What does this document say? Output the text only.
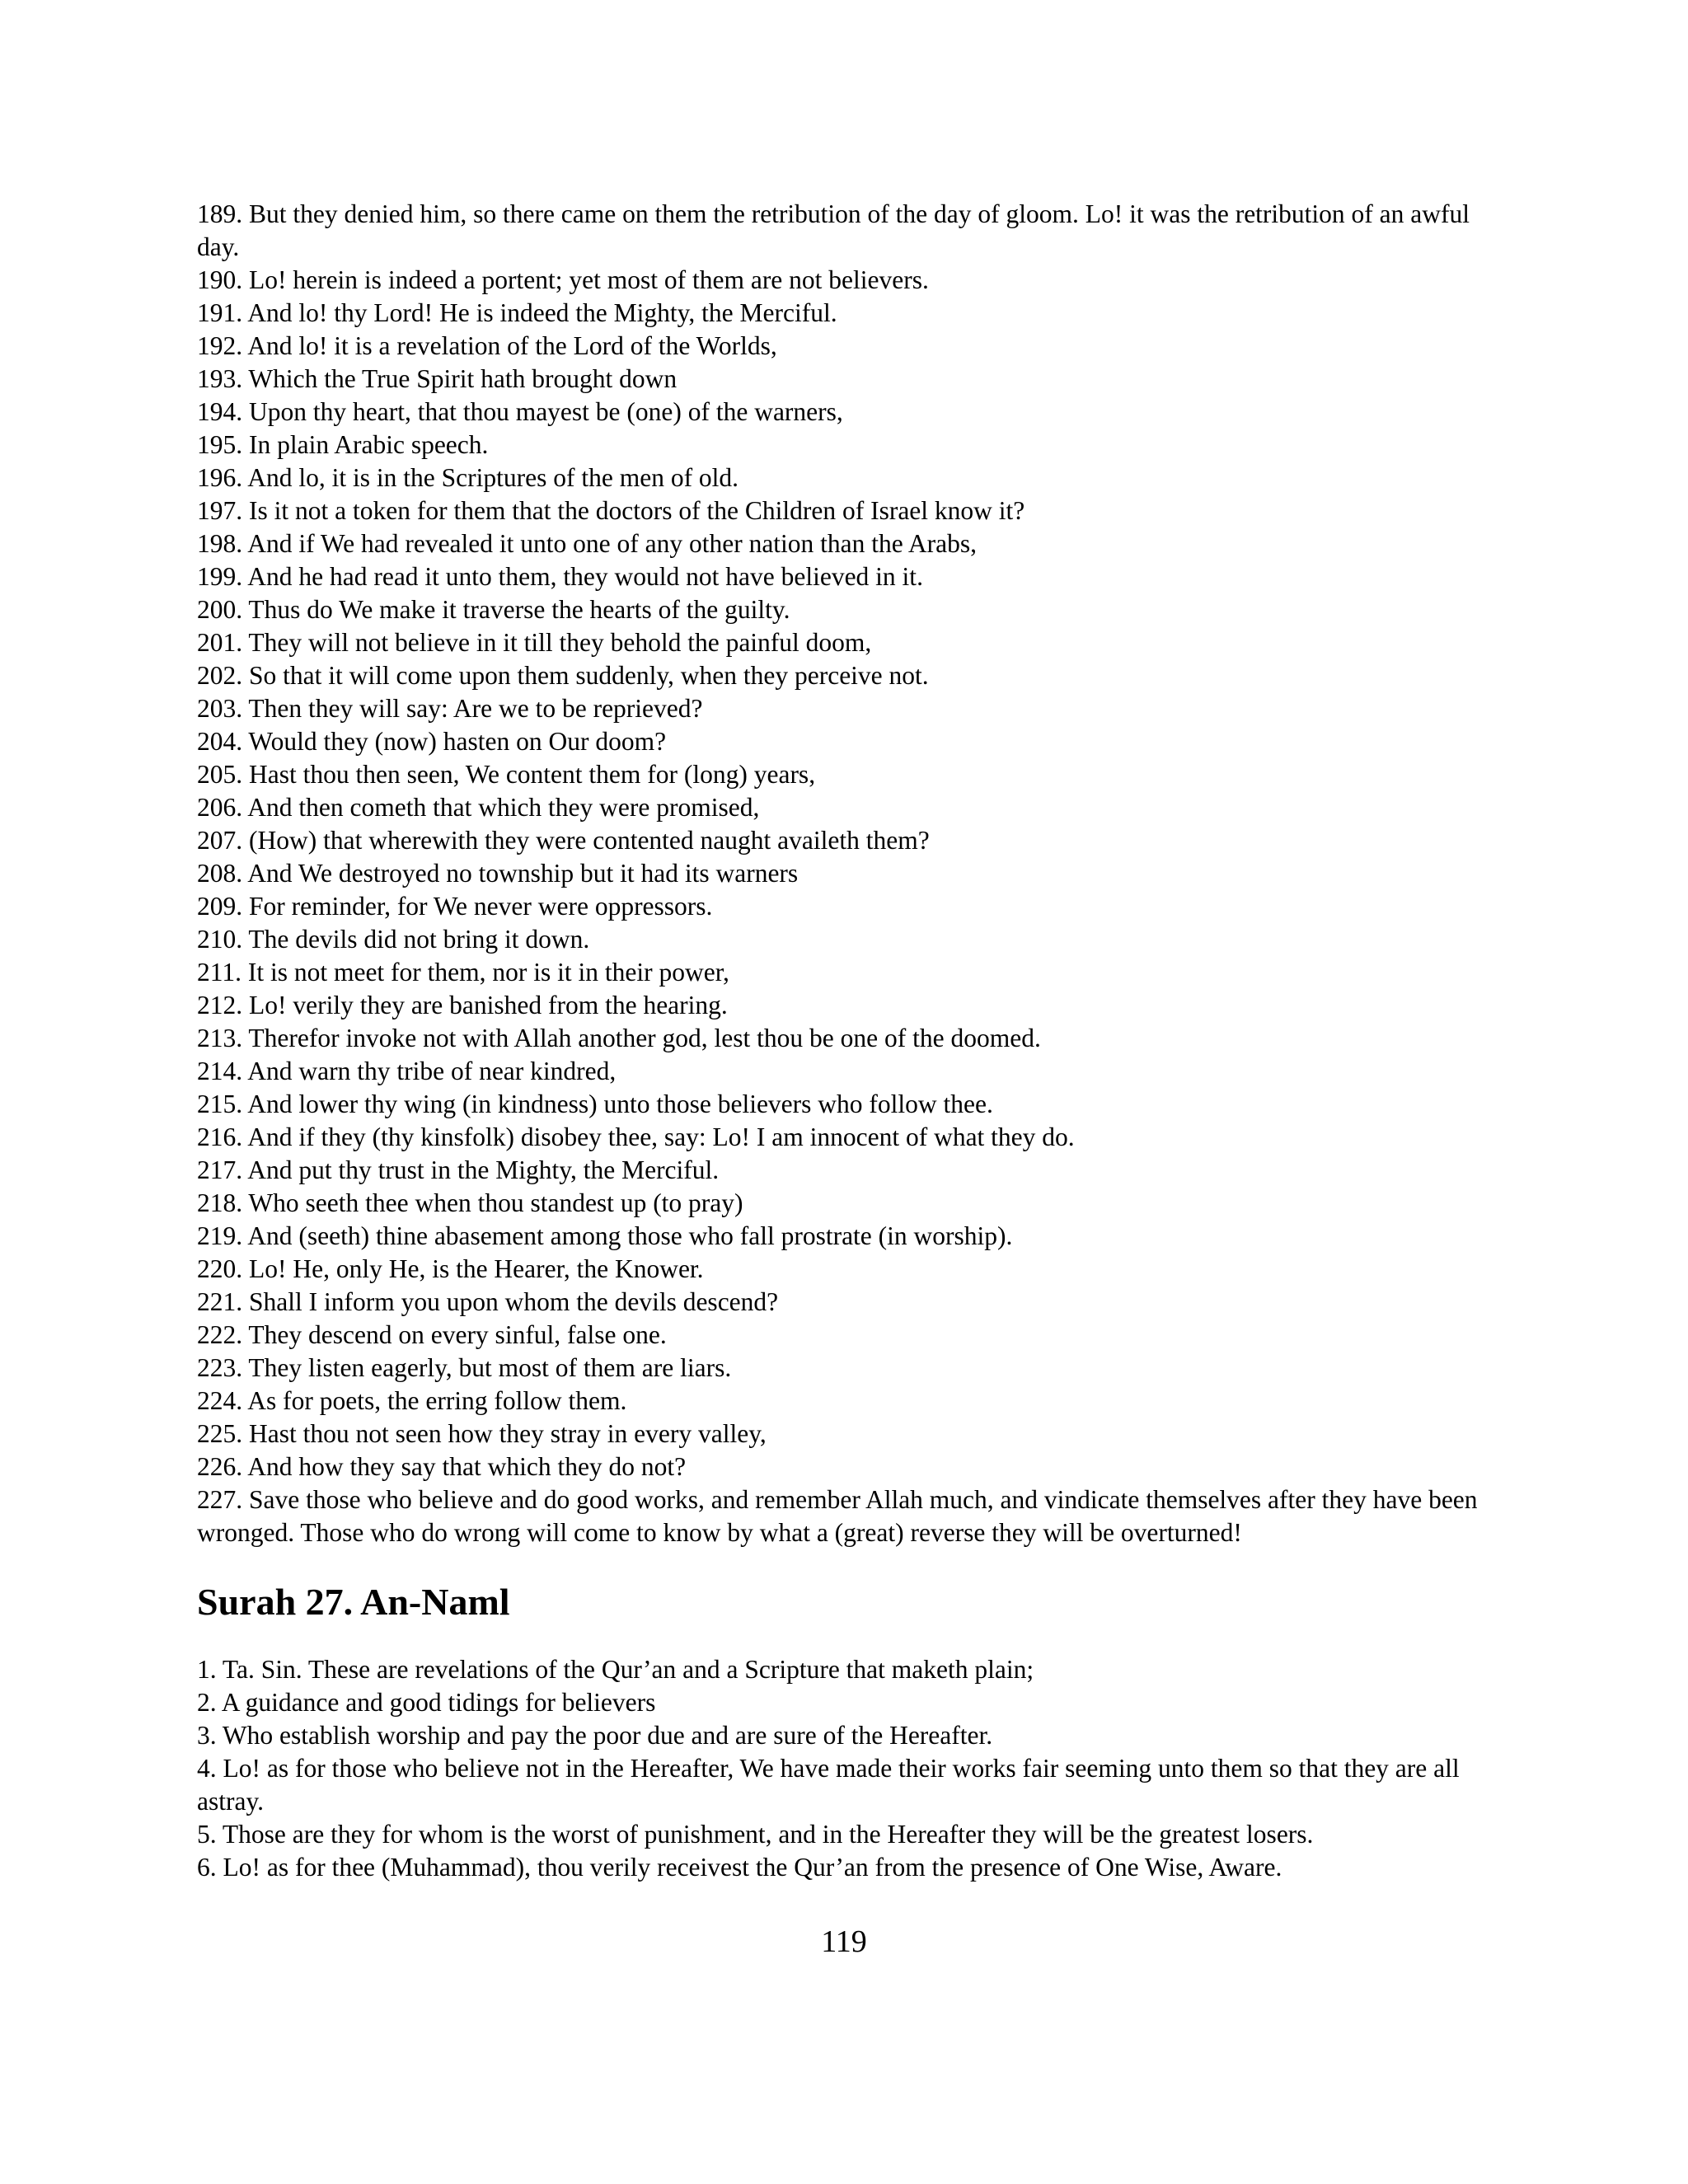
189. But they denied him, so there came on them the retribution of the day of gloom. Lo! it was the retribution of an awful day.

190. Lo! herein is indeed a portent; yet most of them are not believers.

191. And lo! thy Lord! He is indeed the Mighty, the Merciful.

192. And lo! it is a revelation of the Lord of the Worlds,

193. Which the True Spirit hath brought down

194. Upon thy heart, that thou mayest be (one) of the warners,

195. In plain Arabic speech.

196. And lo, it is in the Scriptures of the men of old.

197. Is it not a token for them that the doctors of the Children of Israel know it?

198. And if We had revealed it unto one of any other nation than the Arabs,

199. And he had read it unto them, they would not have believed in it.

200. Thus do We make it traverse the hearts of the guilty.

201. They will not believe in it till they behold the painful doom,

202. So that it will come upon them suddenly, when they perceive not.

203. Then they will say: Are we to be reprieved?

204. Would they (now) hasten on Our doom?

205. Hast thou then seen, We content them for (long) years,

206. And then cometh that which they were promised,

207. (How) that wherewith they were contented naught availeth them?

208. And We destroyed no township but it had its warners

209. For reminder, for We never were oppressors.

210. The devils did not bring it down.

211. It is not meet for them, nor is it in their power,

212. Lo! verily they are banished from the hearing.

213. Therefor invoke not with Allah another god, lest thou be one of the doomed.

214. And warn thy tribe of near kindred,

215. And lower thy wing (in kindness) unto those believers who follow thee.

216. And if they (thy kinsfolk) disobey thee, say: Lo! I am innocent of what they do.

217. And put thy trust in the Mighty, the Merciful.

218. Who seeth thee when thou standest up (to pray)

219. And (seeth) thine abasement among those who fall prostrate (in worship).

220. Lo! He, only He, is the Hearer, the Knower.

221. Shall I inform you upon whom the devils descend?

222. They descend on every sinful, false one.

223. They listen eagerly, but most of them are liars.

224. As for poets, the erring follow them.

225. Hast thou not seen how they stray in every valley,

226. And how they say that which they do not?

227. Save those who believe and do good works, and remember Allah much, and vindicate themselves after they have been wronged. Those who do wrong will come to know by what a (great) reverse they will be overturned!

Surah 27. An-Naml

1. Ta. Sin. These are revelations of the Qur’an and a Scripture that maketh plain;

2. A guidance and good tidings for believers

3. Who establish worship and pay the poor due and are sure of the Hereafter.

4. Lo! as for those who believe not in the Hereafter, We have made their works fair seeming unto them so that they are all astray.

5. Those are they for whom is the worst of punishment, and in the Hereafter they will be the greatest losers.

6. Lo! as for thee (Muhammad), thou verily receivest the Qur’an from the presence of One Wise, Aware.

119
